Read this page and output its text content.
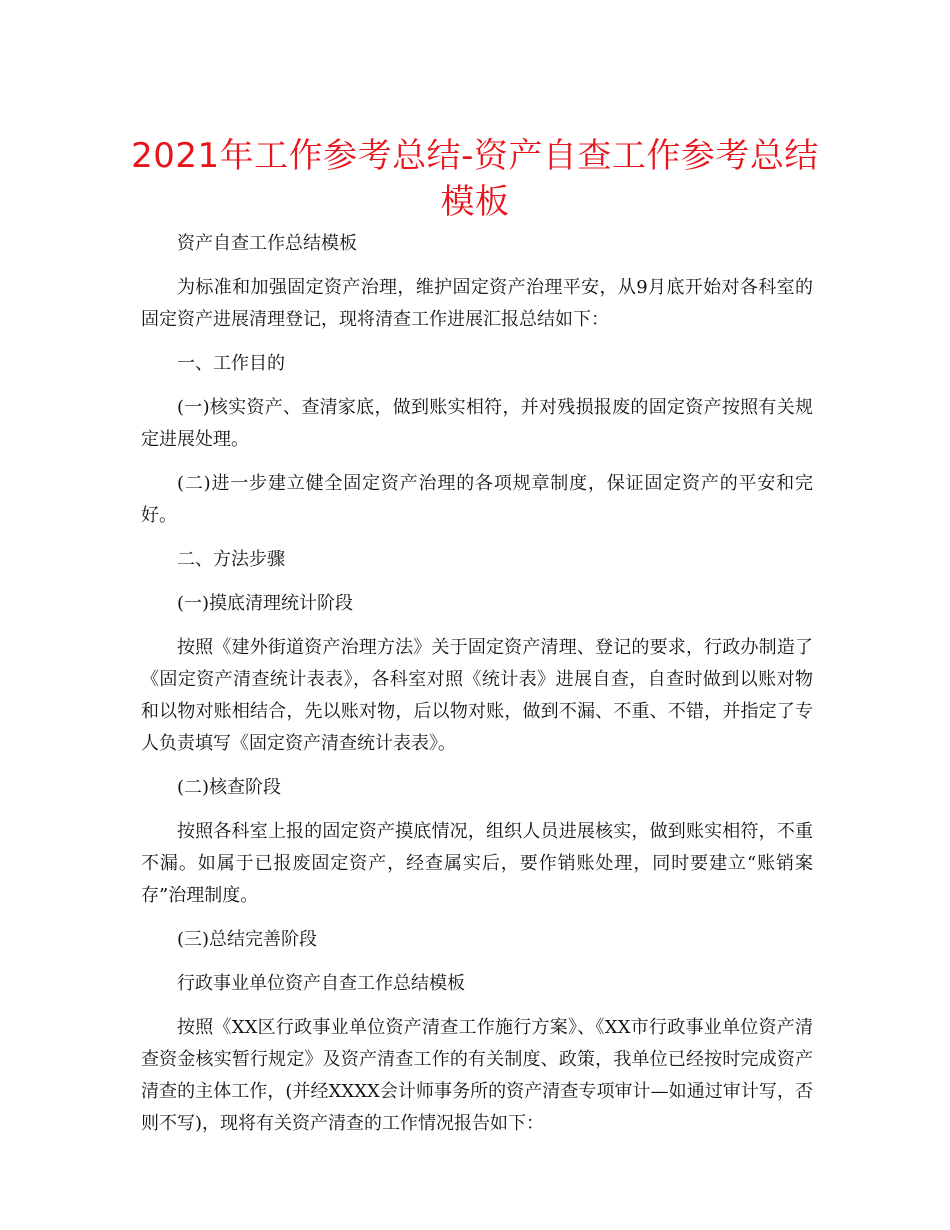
2021年工作参考总结-资产自查工作参考总结模板

资产自查工作总结模板

为标准和加强固定资产治理，维护固定资产治理平安，从9月底开始对各科室的固定资产进展清理登记，现将清查工作进展汇报总结如下：

一、工作目的

(一)核实资产、查清家底，做到账实相符，并对残损报废的固定资产按照有关规定进展处理。

(二)进一步建立健全固定资产治理的各项规章制度，保证固定资产的平安和完好。

二、方法步骤

(一)摸底清理统计阶段

按照《建外街道资产治理方法》关于固定资产清理、登记的要求，行政办制造了《固定资产清查统计表表》，各科室对照《统计表》进展自查，自查时做到以账对物和以物对账相结合，先以账对物，后以物对账，做到不漏、不重、不错，并指定了专人负责填写《固定资产清查统计表表》。

(二)核查阶段

按照各科室上报的固定资产摸底情况，组织人员进展核实，做到账实相符，不重不漏。如属于已报废固定资产，经查属实后，要作销账处理，同时要建立“账销案存”治理制度。

(三)总结完善阶段

行政事业单位资产自查工作总结模板

按照《XX区行政事业单位资产清查工作施行方案》、《XX市行政事业单位资产清查资金核实暂行规定》及资产清查工作的有关制度、政策，我单位已经按时完成资产清查的主体工作，(并经XXXX会计师事务所的资产清查专项审计—如通过审计写，否则不写)，现将有关资产清查的工作情况报告如下：
